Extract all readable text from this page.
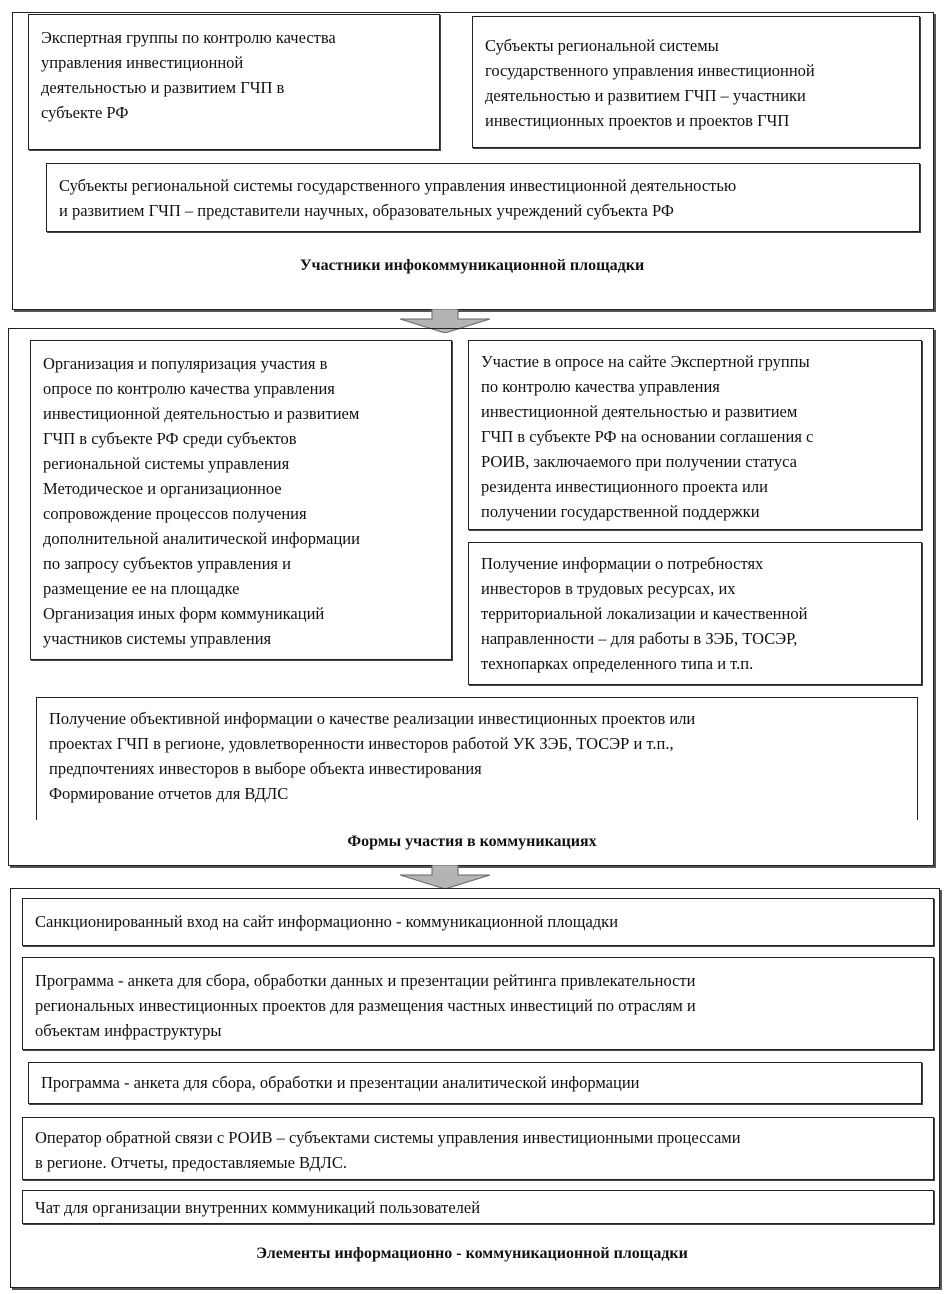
Экспертная группы по контролю качества
управления инвестиционной
деятельностью и развитием ГЧП в
субъекте РФ
Субъекты региональной системы
государственного управления инвестиционной
деятельностью и развитием ГЧП – участники
инвестиционных проектов и проектов ГЧП
Субъекты региональной системы государственного управления инвестиционной деятельностью
и развитием ГЧП – представители научных, образовательных учреждений субъекта РФ
Участники инфокоммуникационной площадки
Организация и популяризация участия в
опросе по контролю качества управления
инвестиционной деятельностью и развитием
ГЧП в субъекте РФ среди субъектов
региональной системы управления
Методическое и организационное
сопровождение процессов получения
дополнительной аналитической информации
по запросу субъектов управления и
размещение ее на площадке
Организация иных форм коммуникаций
участников системы управления
Участие в опросе на сайте Экспертной группы
по контролю качества управления
инвестиционной деятельностью и развитием
ГЧП в субъекте РФ на основании соглашения с
РОИВ, заключаемого при получении статуса
резидента инвестиционного проекта или
получении государственной поддержки
Получение информации о потребностях
инвесторов в трудовых ресурсах, их
территориальной локализации и качественной
направленности – для работы в ЗЭБ, ТОСЭР,
технопарках определенного типа и т.п.
Получение объективной информации о качестве реализации инвестиционных проектов или
проектах ГЧП в регионе, удовлетворенности инвесторов работой УК ЗЭБ, ТОСЭР и т.п.,
предпочтениях инвесторов в выборе объекта инвестирования
Формирование отчетов для ВДЛС
Формы участия в коммуникациях
Санкционированный вход на сайт информационно - коммуникационной площадки
Программа - анкета для сбора, обработки данных и презентации рейтинга привлекательности
региональных инвестиционных проектов для размещения частных инвестиций по отраслям и
объектам инфраструктуры
Программа - анкета для сбора, обработки и презентации аналитической информации
Оператор обратной связи с РОИВ – субъектами системы управления инвестиционными процессами
в регионе. Отчеты, предоставляемые ВДЛС.
Чат для организации внутренних коммуникаций пользователей
Элементы информационно - коммуникационной площадки
